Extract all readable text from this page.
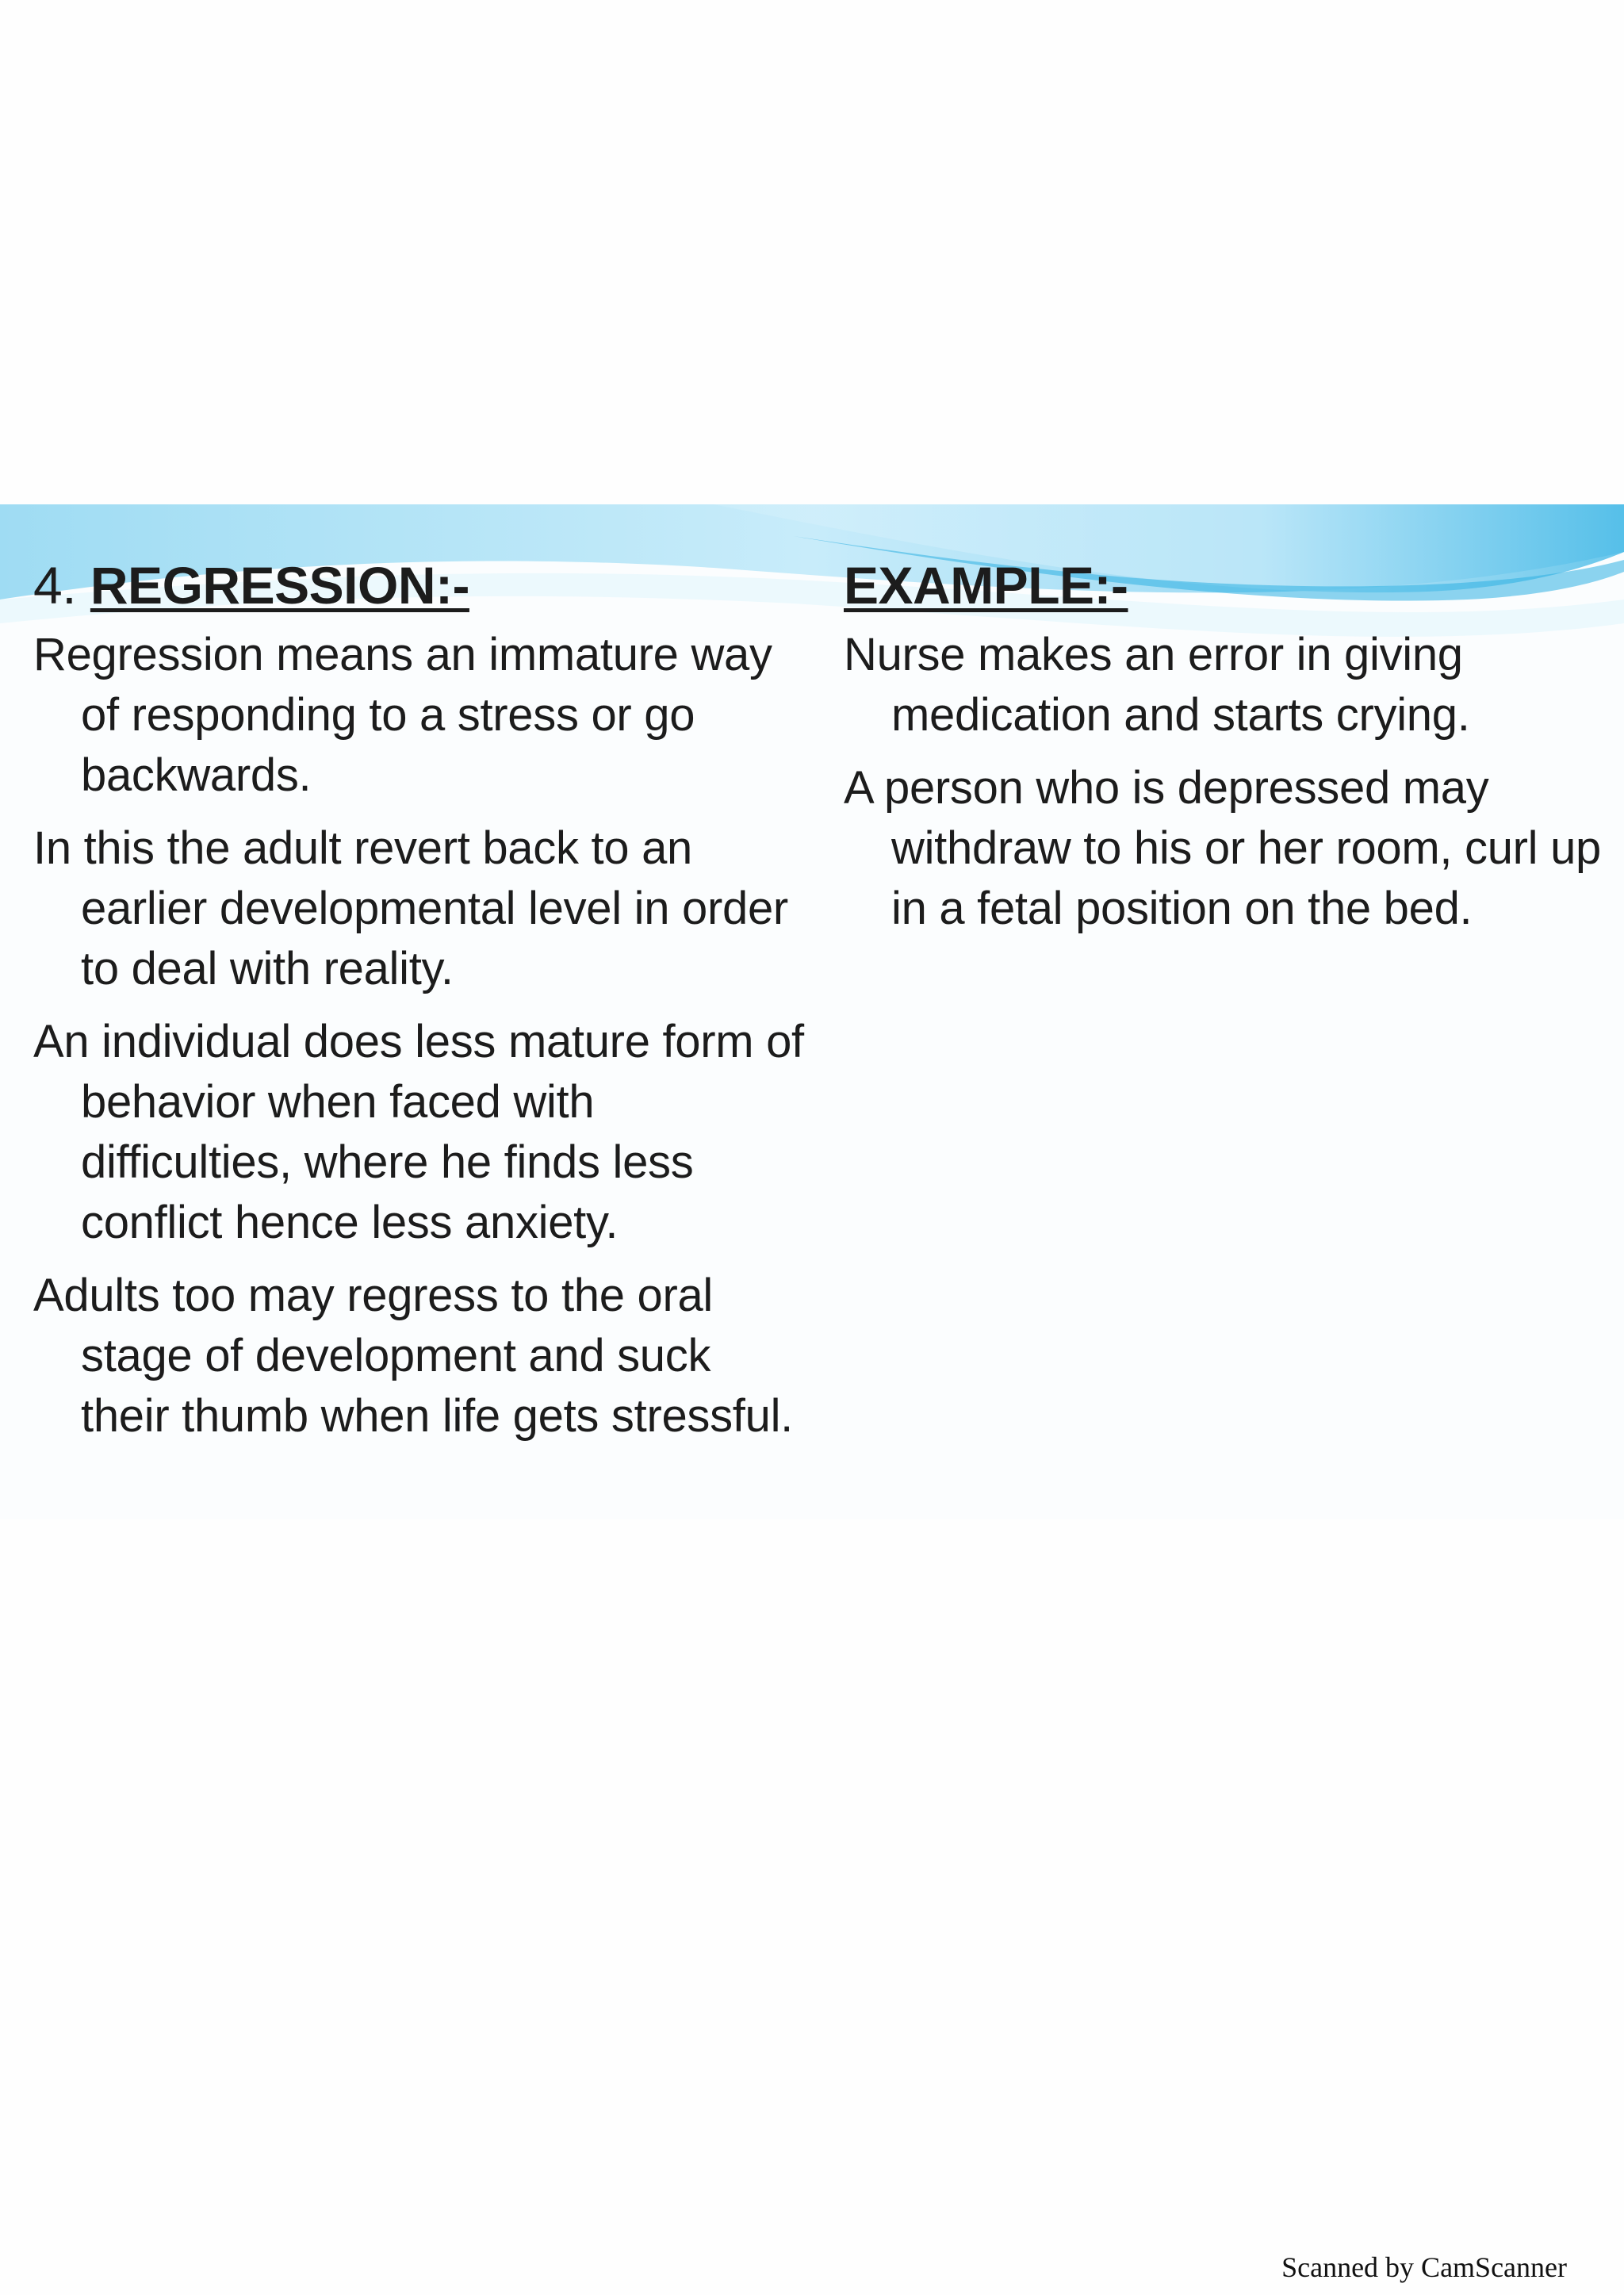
4. REGRESSION:-

Regression means an immature way of responding to a stress or go backwards.

In this the adult revert back to an earlier developmental level in order to deal with reality.

An individual does less mature form of behavior when faced with difficulties, where he finds less conflict hence less anxiety.

Adults too may regress to the oral stage of development and suck their thumb when life gets stressful.

EXAMPLE:-

Nurse makes an error in giving medication and starts crying.

A person who is depressed may withdraw to his or her room, curl up in a fetal position on the bed.

Scanned by CamScanner
